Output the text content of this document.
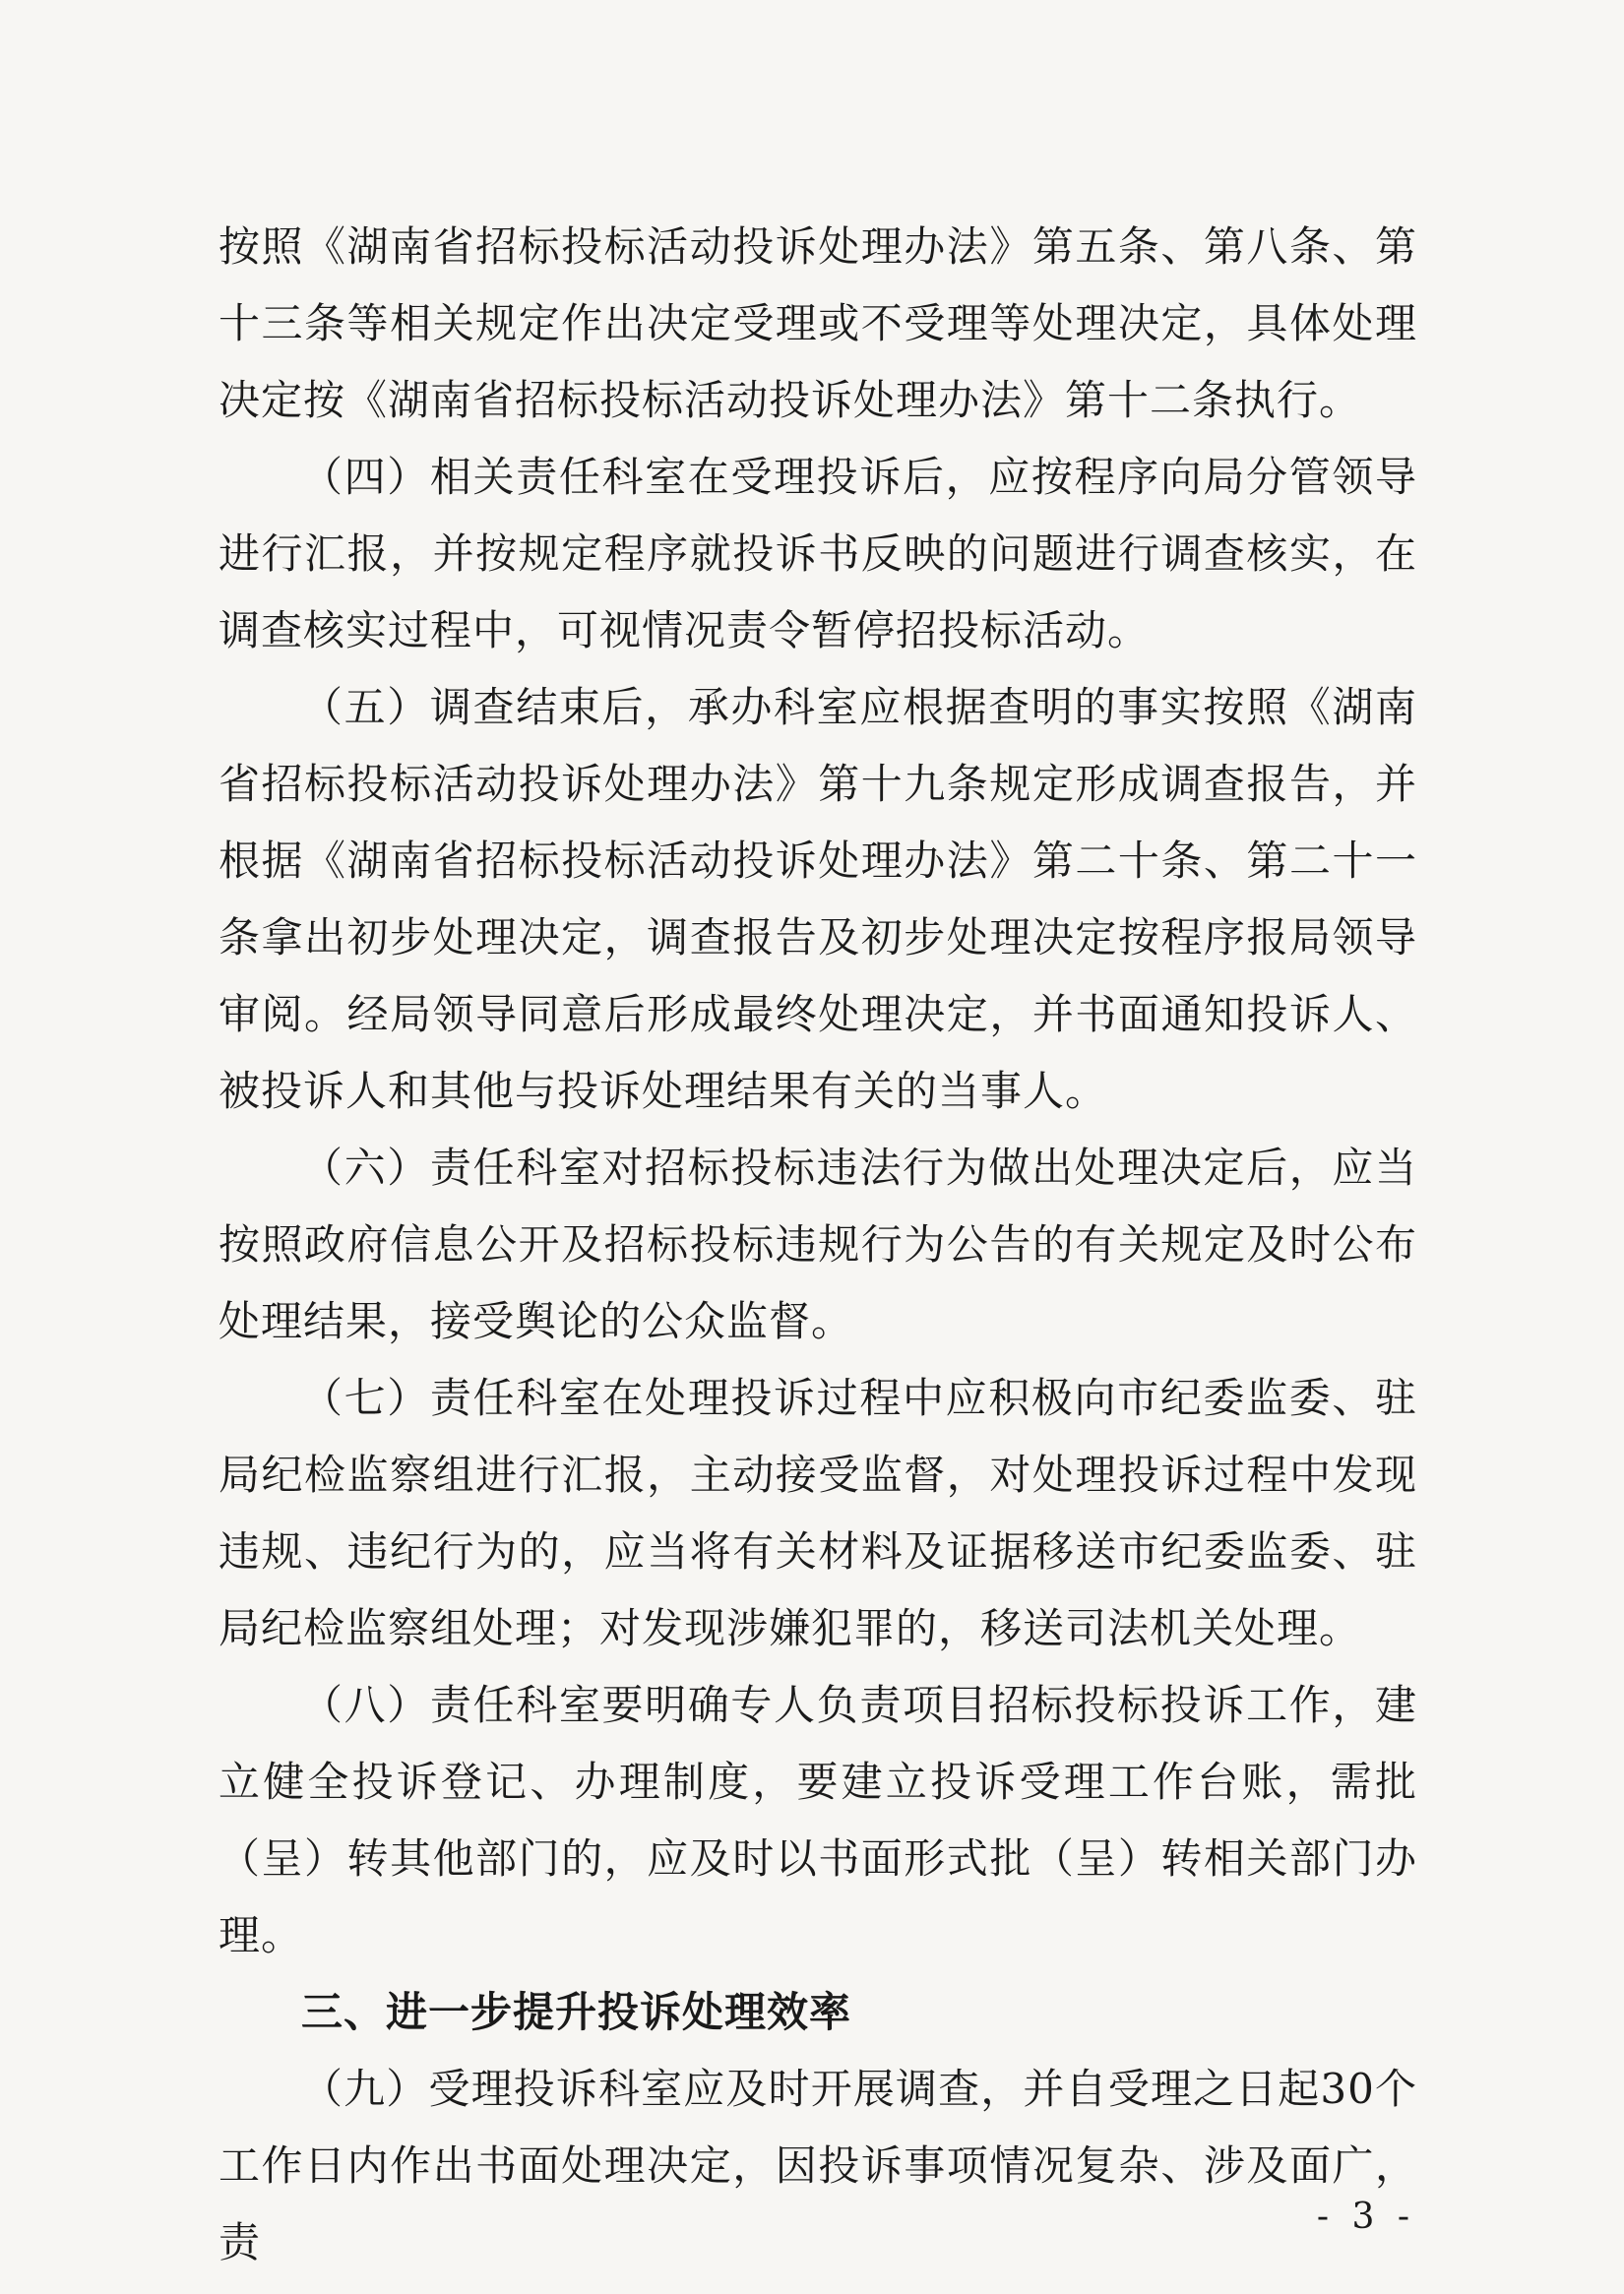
按照《湖南省招标投标活动投诉处理办法》第五条、第八条、第十三条等相关规定作出决定受理或不受理等处理决定，具体处理决定按《湖南省招标投标活动投诉处理办法》第十二条执行。

（四）相关责任科室在受理投诉后，应按程序向局分管领导进行汇报，并按规定程序就投诉书反映的问题进行调查核实，在调查核实过程中，可视情况责令暂停招投标活动。

（五）调查结束后，承办科室应根据查明的事实按照《湖南省招标投标活动投诉处理办法》第十九条规定形成调查报告，并根据《湖南省招标投标活动投诉处理办法》第二十条、第二十一条拿出初步处理决定，调查报告及初步处理决定按程序报局领导审阅。经局领导同意后形成最终处理决定，并书面通知投诉人、被投诉人和其他与投诉处理结果有关的当事人。

（六）责任科室对招标投标违法行为做出处理决定后，应当按照政府信息公开及招标投标违规行为公告的有关规定及时公布处理结果，接受舆论的公众监督。

（七）责任科室在处理投诉过程中应积极向市纪委监委、驻局纪检监察组进行汇报，主动接受监督，对处理投诉过程中发现违规、违纪行为的，应当将有关材料及证据移送市纪委监委、驻局纪检监察组处理；对发现涉嫌犯罪的，移送司法机关处理。

（八）责任科室要明确专人负责项目招标投标投诉工作，建立健全投诉登记、办理制度，要建立投诉受理工作台账，需批（呈）转其他部门的，应及时以书面形式批（呈）转相关部门办理。

三、进一步提升投诉处理效率

（九）受理投诉科室应及时开展调查，并自受理之日起30个工作日内作出书面处理决定，因投诉事项情况复杂、涉及面广，责

- 3 -
